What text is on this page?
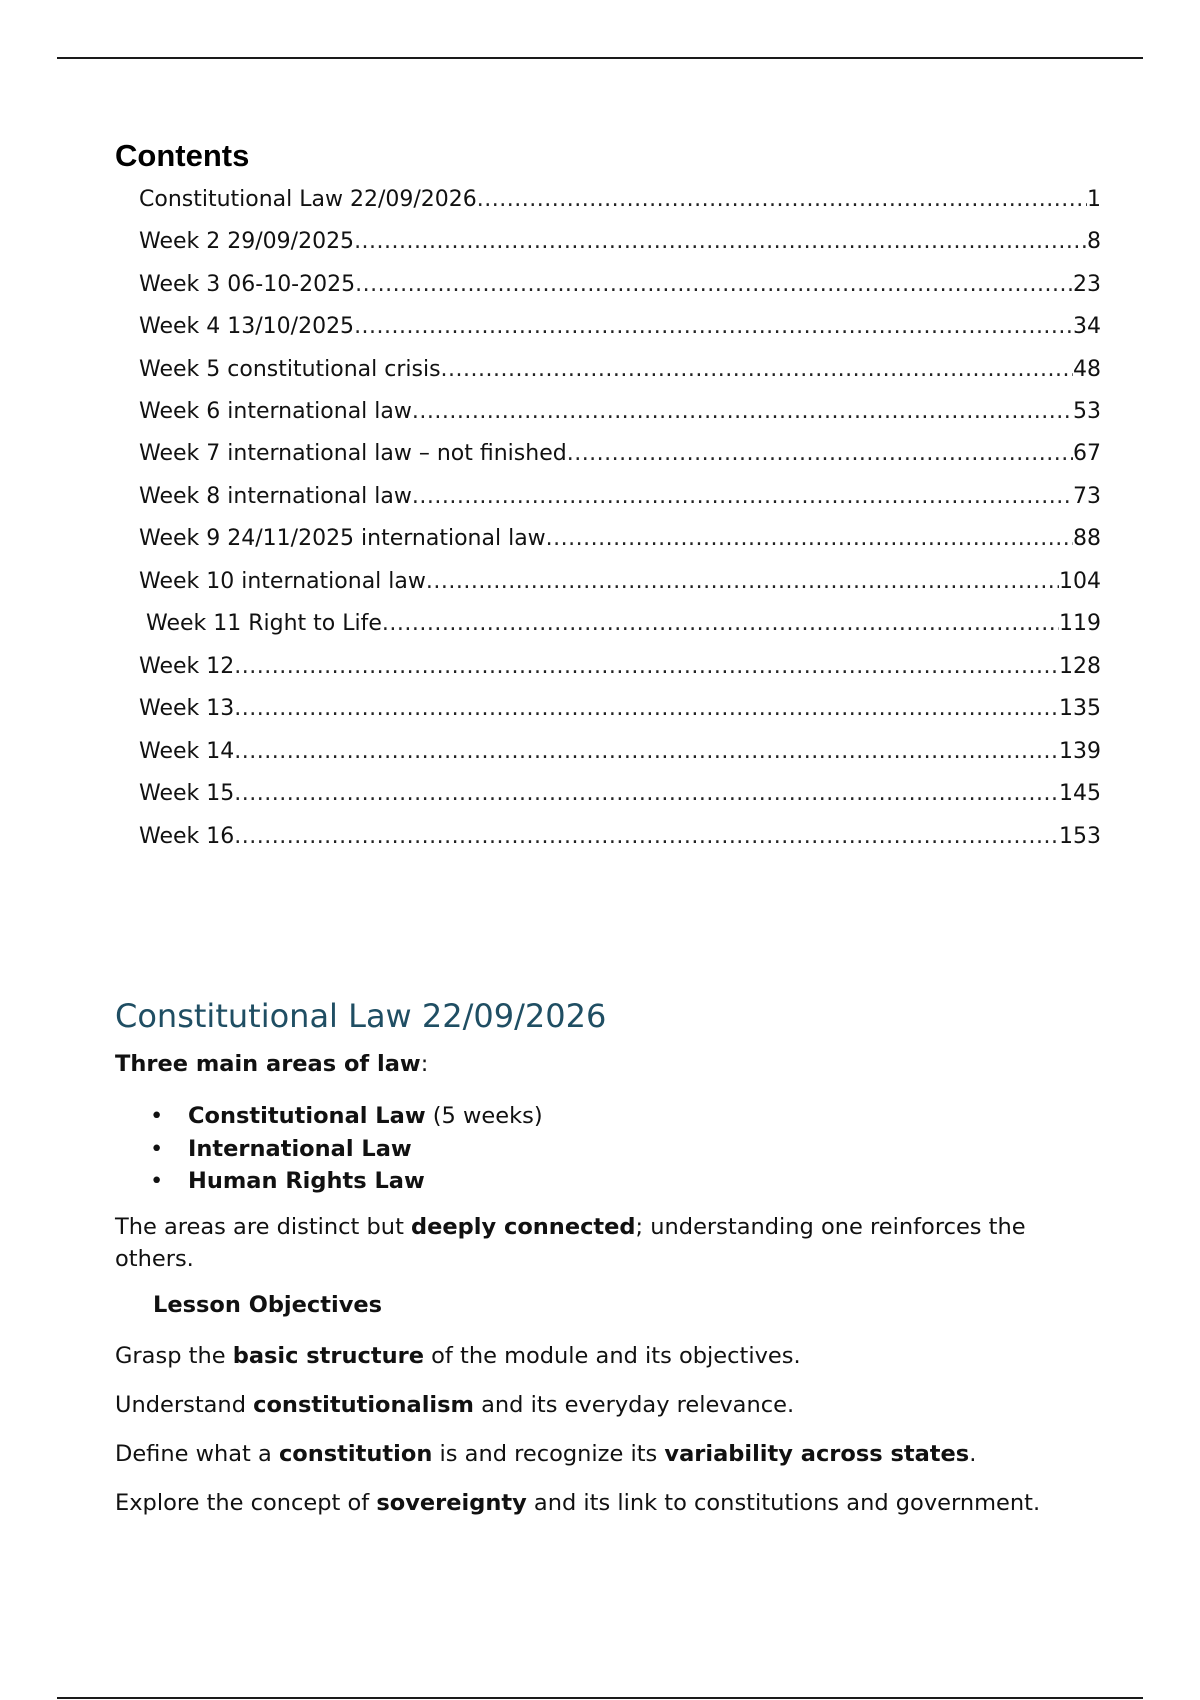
Contents
Constitutional Law 22/09/2026 .....	1
Week 2 29/09/2025 .....	8
Week 3 06-10-2025 .....	23
Week 4 13/10/2025 .....	34
Week 5 constitutional crisis .....	48
Week 6 international law .....	53
Week 7 international law – not finished .....	67
Week 8 international law .....	73
Week 9 24/11/2025 international law .....	88
Week 10 international law .....	104
Week 11 Right to Life .....	119
Week 12 .....	128
Week 13 .....	135
Week 14 .....	139
Week 15 .....	145
Week 16 .....	153
Constitutional Law 22/09/2026

Three main areas of law:

• Constitutional Law (5 weeks)
• International Law
• Human Rights Law

The areas are distinct but deeply connected; understanding one reinforces the others.

Lesson Objectives

Grasp the basic structure of the module and its objectives.

Understand constitutionalism and its everyday relevance.

Define what a constitution is and recognize its variability across states.

Explore the concept of sovereignty and its link to constitutions and government.
